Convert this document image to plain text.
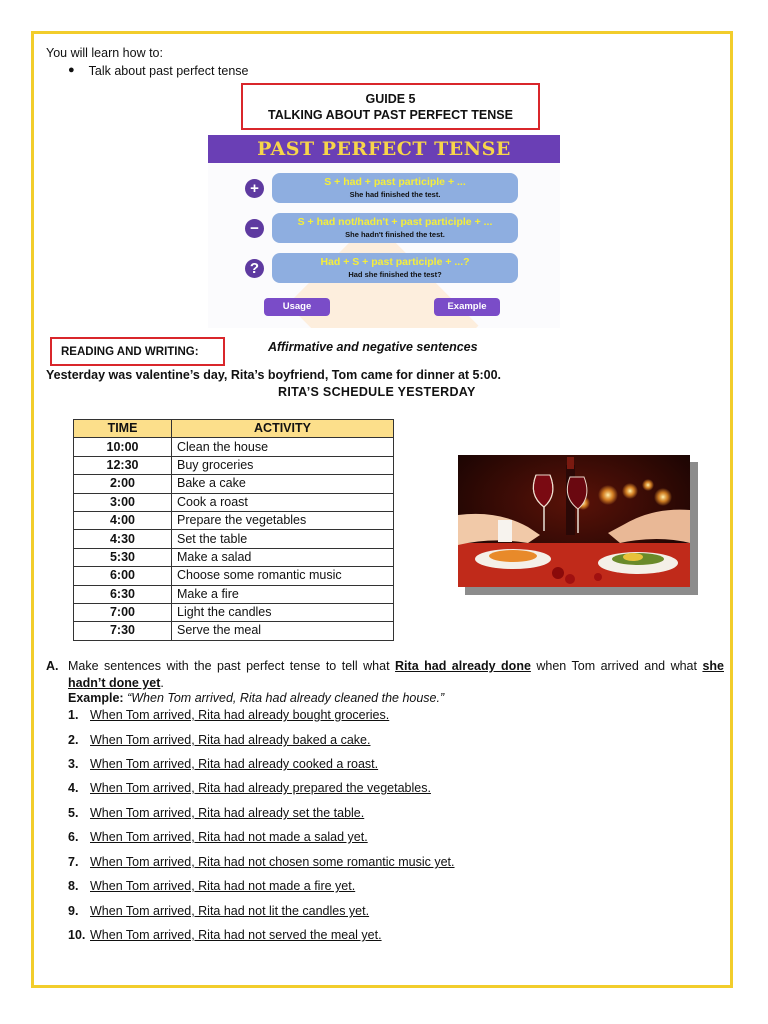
You will learn how to:
● Talk about past perfect tense
GUIDE 5
TALKING ABOUT PAST PERFECT TENSE
PAST PERFECT TENSE
+	S + had + past participle + ...
She had finished the test.
−	S + had not/hadn't + past participle + ...
She hadn't finished the test.
?	Had + S + past participle + ...?
Had she finished the test?
Usage	Example
READING AND WRITING:	Affirmative and negative sentences
Yesterday was valentine’s day, Rita’s boyfriend, Tom came for dinner at 5:00.
RITA’S SCHEDULE YESTERDAY
TIME	ACTIVITY
10:00	Clean the house
12:30	Buy groceries
2:00	Bake a cake
3:00	Cook a roast
4:00	Prepare the vegetables
4:30	Set the table
5:30	Make a salad
6:00	Choose some romantic music
6:30	Make a fire
7:00	Light the candles
7:30	Serve the meal
A. Make sentences with the past perfect tense to tell what Rita had already done when Tom arrived and what she hadn’t done yet.
Example: “When Tom arrived, Rita had already cleaned the house.”
1. When Tom arrived, Rita had already bought groceries.
2. When Tom arrived, Rita had already baked a cake.
3. When Tom arrived, Rita had already cooked a roast.
4. When Tom arrived, Rita had already prepared the vegetables.
5. When Tom arrived, Rita had already set the table.
6. When Tom arrived, Rita had not made a salad yet.
7. When Tom arrived, Rita had not chosen some romantic music yet.
8. When Tom arrived, Rita had not made a fire yet.
9. When Tom arrived, Rita had not lit the candles yet.
10. When Tom arrived, Rita had not served the meal yet.
